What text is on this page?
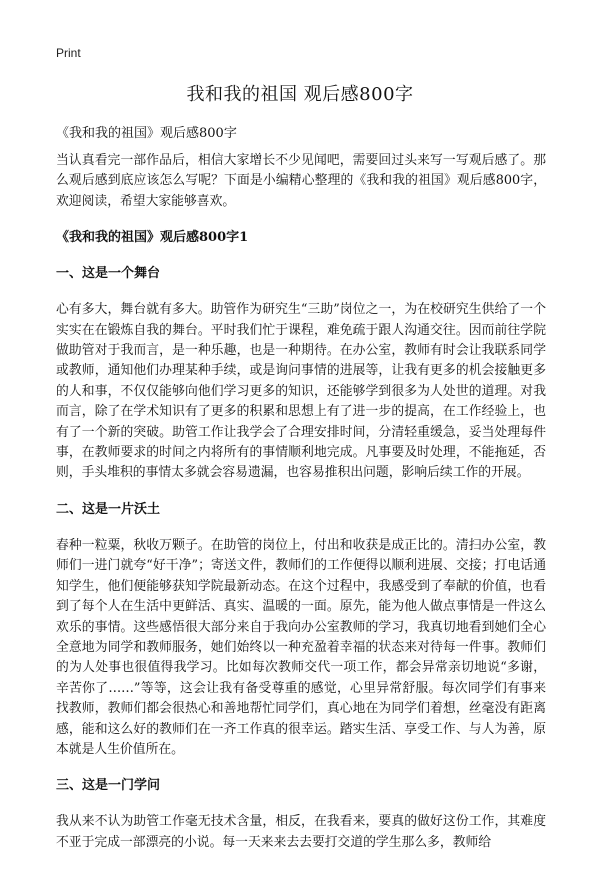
Print
我和我的祖国 观后感800字

《我和我的祖国》观后感800字

当认真看完一部作品后，相信大家增长不少见闻吧，需要回过头来写一写观后感了。那么观后感到底应该怎么写呢？下面是小编精心整理的《我和我的祖国》观后感800字，欢迎阅读，希望大家能够喜欢。

《我和我的祖国》观后感800字1

一、这是一个舞台

心有多大，舞台就有多大。助管作为研究生“三助”岗位之一，为在校研究生供给了一个实实在在锻炼自我的舞台。平时我们忙于课程，难免疏于跟人沟通交往。因而前往学院做助管对于我而言，是一种乐趣，也是一种期待。在办公室，教师有时会让我联系同学或教师，通知他们办理某种手续，或是询问事情的进展等，让我有更多的机会接触更多的人和事，不仅仅能够向他们学习更多的知识，还能够学到很多为人处世的道理。对我而言，除了在学术知识有了更多的积累和思想上有了进一步的提高，在工作经验上，也有了一个新的突破。助管工作让我学会了合理安排时间，分清轻重缓急，妥当处理每件事，在教师要求的时间之内将所有的事情顺利地完成。凡事要及时处理，不能拖延，否则，手头堆积的事情太多就会容易遗漏，也容易推积出问题，影响后续工作的开展。

二、这是一片沃土

春种一粒粟，秋收万颗子。在助管的岗位上，付出和收获是成正比的。清扫办公室，教师们一进门就夸“好干净”；寄送文件，教师们的工作便得以顺利进展、交接；打电话通知学生，他们便能够获知学院最新动态。在这个过程中，我感受到了奉献的价值，也看到了每个人在生活中更鲜活、真实、温暖的一面。原先，能为他人做点事情是一件这么欢乐的事情。这些感悟很大部分来自于我向办公室教师的学习，我真切地看到她们全心全意地为同学和教师服务，她们始终以一种充盈着幸福的状态来对待每一件事。教师们的为人处事也很值得我学习。比如每次教师交代一项工作，都会异常亲切地说“多谢，辛苦你了……”等等，这会让我有备受尊重的感觉，心里异常舒服。每次同学们有事来找教师，教师们都会很热心和善地帮忙同学们，真心地在为同学们着想，丝毫没有距离感，能和这么好的教师们在一齐工作真的很幸运。踏实生活、享受工作、与人为善，原本就是人生价值所在。

三、这是一门学问

我从来不认为助管工作毫无技术含量，相反，在我看来，要真的做好这份工作，其难度不亚于完成一部漂亮的小说。每一天来来去去要打交道的学生那么多，教师给
